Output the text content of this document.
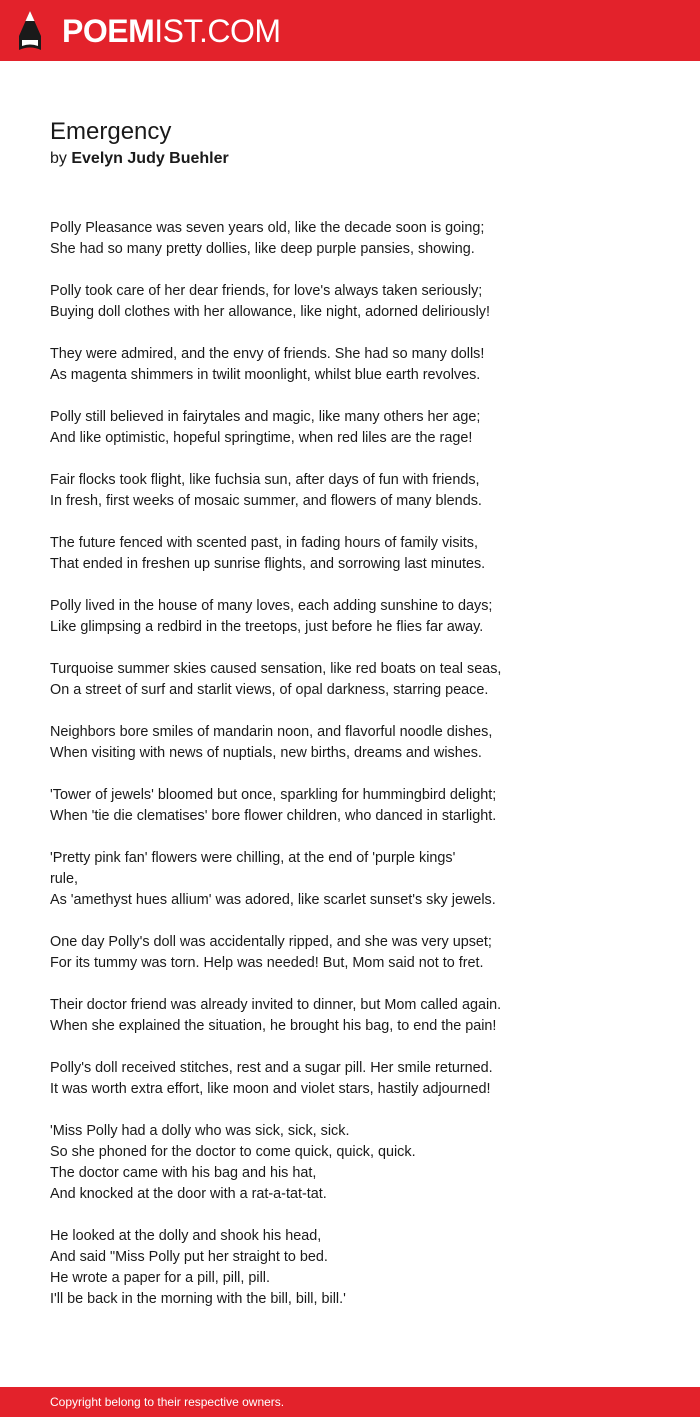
POEMIST.COM
Emergency
by Evelyn Judy Buehler
Polly Pleasance was seven years old, like the decade soon is going;
She had so many pretty dollies, like deep purple pansies, showing.
Polly took care of her dear friends, for love's always taken seriously;
Buying doll clothes with her allowance, like night, adorned deliriously!
They were admired, and the envy of friends. She had so many dolls!
As magenta shimmers in twilit moonlight, whilst blue earth revolves.
Polly still believed in fairytales and magic, like many others her age;
And like optimistic, hopeful springtime, when red liles are the rage!
Fair flocks took flight, like fuchsia sun, after days of fun with friends,
In fresh, first weeks of mosaic summer, and flowers of many blends.
The future fenced with scented past, in fading hours of family visits,
That ended in freshen up sunrise flights, and sorrowing last minutes.
Polly lived in the house of many loves, each adding sunshine to days;
Like glimpsing a redbird in the treetops, just before he flies far away.
Turquoise summer skies caused sensation, like red boats on teal seas,
On a street of surf and starlit views, of opal darkness, starring peace.
Neighbors bore smiles of mandarin noon, and flavorful noodle dishes,
When visiting with news of nuptials, new births, dreams and wishes.
'Tower of jewels' bloomed but once, sparkling for hummingbird delight;
When 'tie die clematises' bore flower children, who danced in starlight.
'Pretty pink fan' flowers were chilling, at the end of 'purple kings'
rule,
As 'amethyst hues allium' was adored, like scarlet sunset's sky jewels.
One day Polly's doll was accidentally ripped, and she was very upset;
For its tummy was torn. Help was needed! But, Mom said not to fret.
Their doctor friend was already invited to dinner, but Mom called again.
When she explained the situation, he brought his bag, to end the pain!
Polly's doll received stitches, rest and a sugar pill. Her smile returned.
It was worth extra effort, like moon and violet stars, hastily adjourned!
'Miss Polly had a dolly who was sick, sick, sick.
So she phoned for the doctor to come quick, quick, quick.
The doctor came with his bag and his hat,
And knocked at the door with a rat-a-tat-tat.
He looked at the dolly and shook his head,
And said "Miss Polly put her straight to bed.
He wrote a paper for a pill, pill, pill.
I'll be back in the morning with the bill, bill, bill.'
Copyright belong to their respective owners.
